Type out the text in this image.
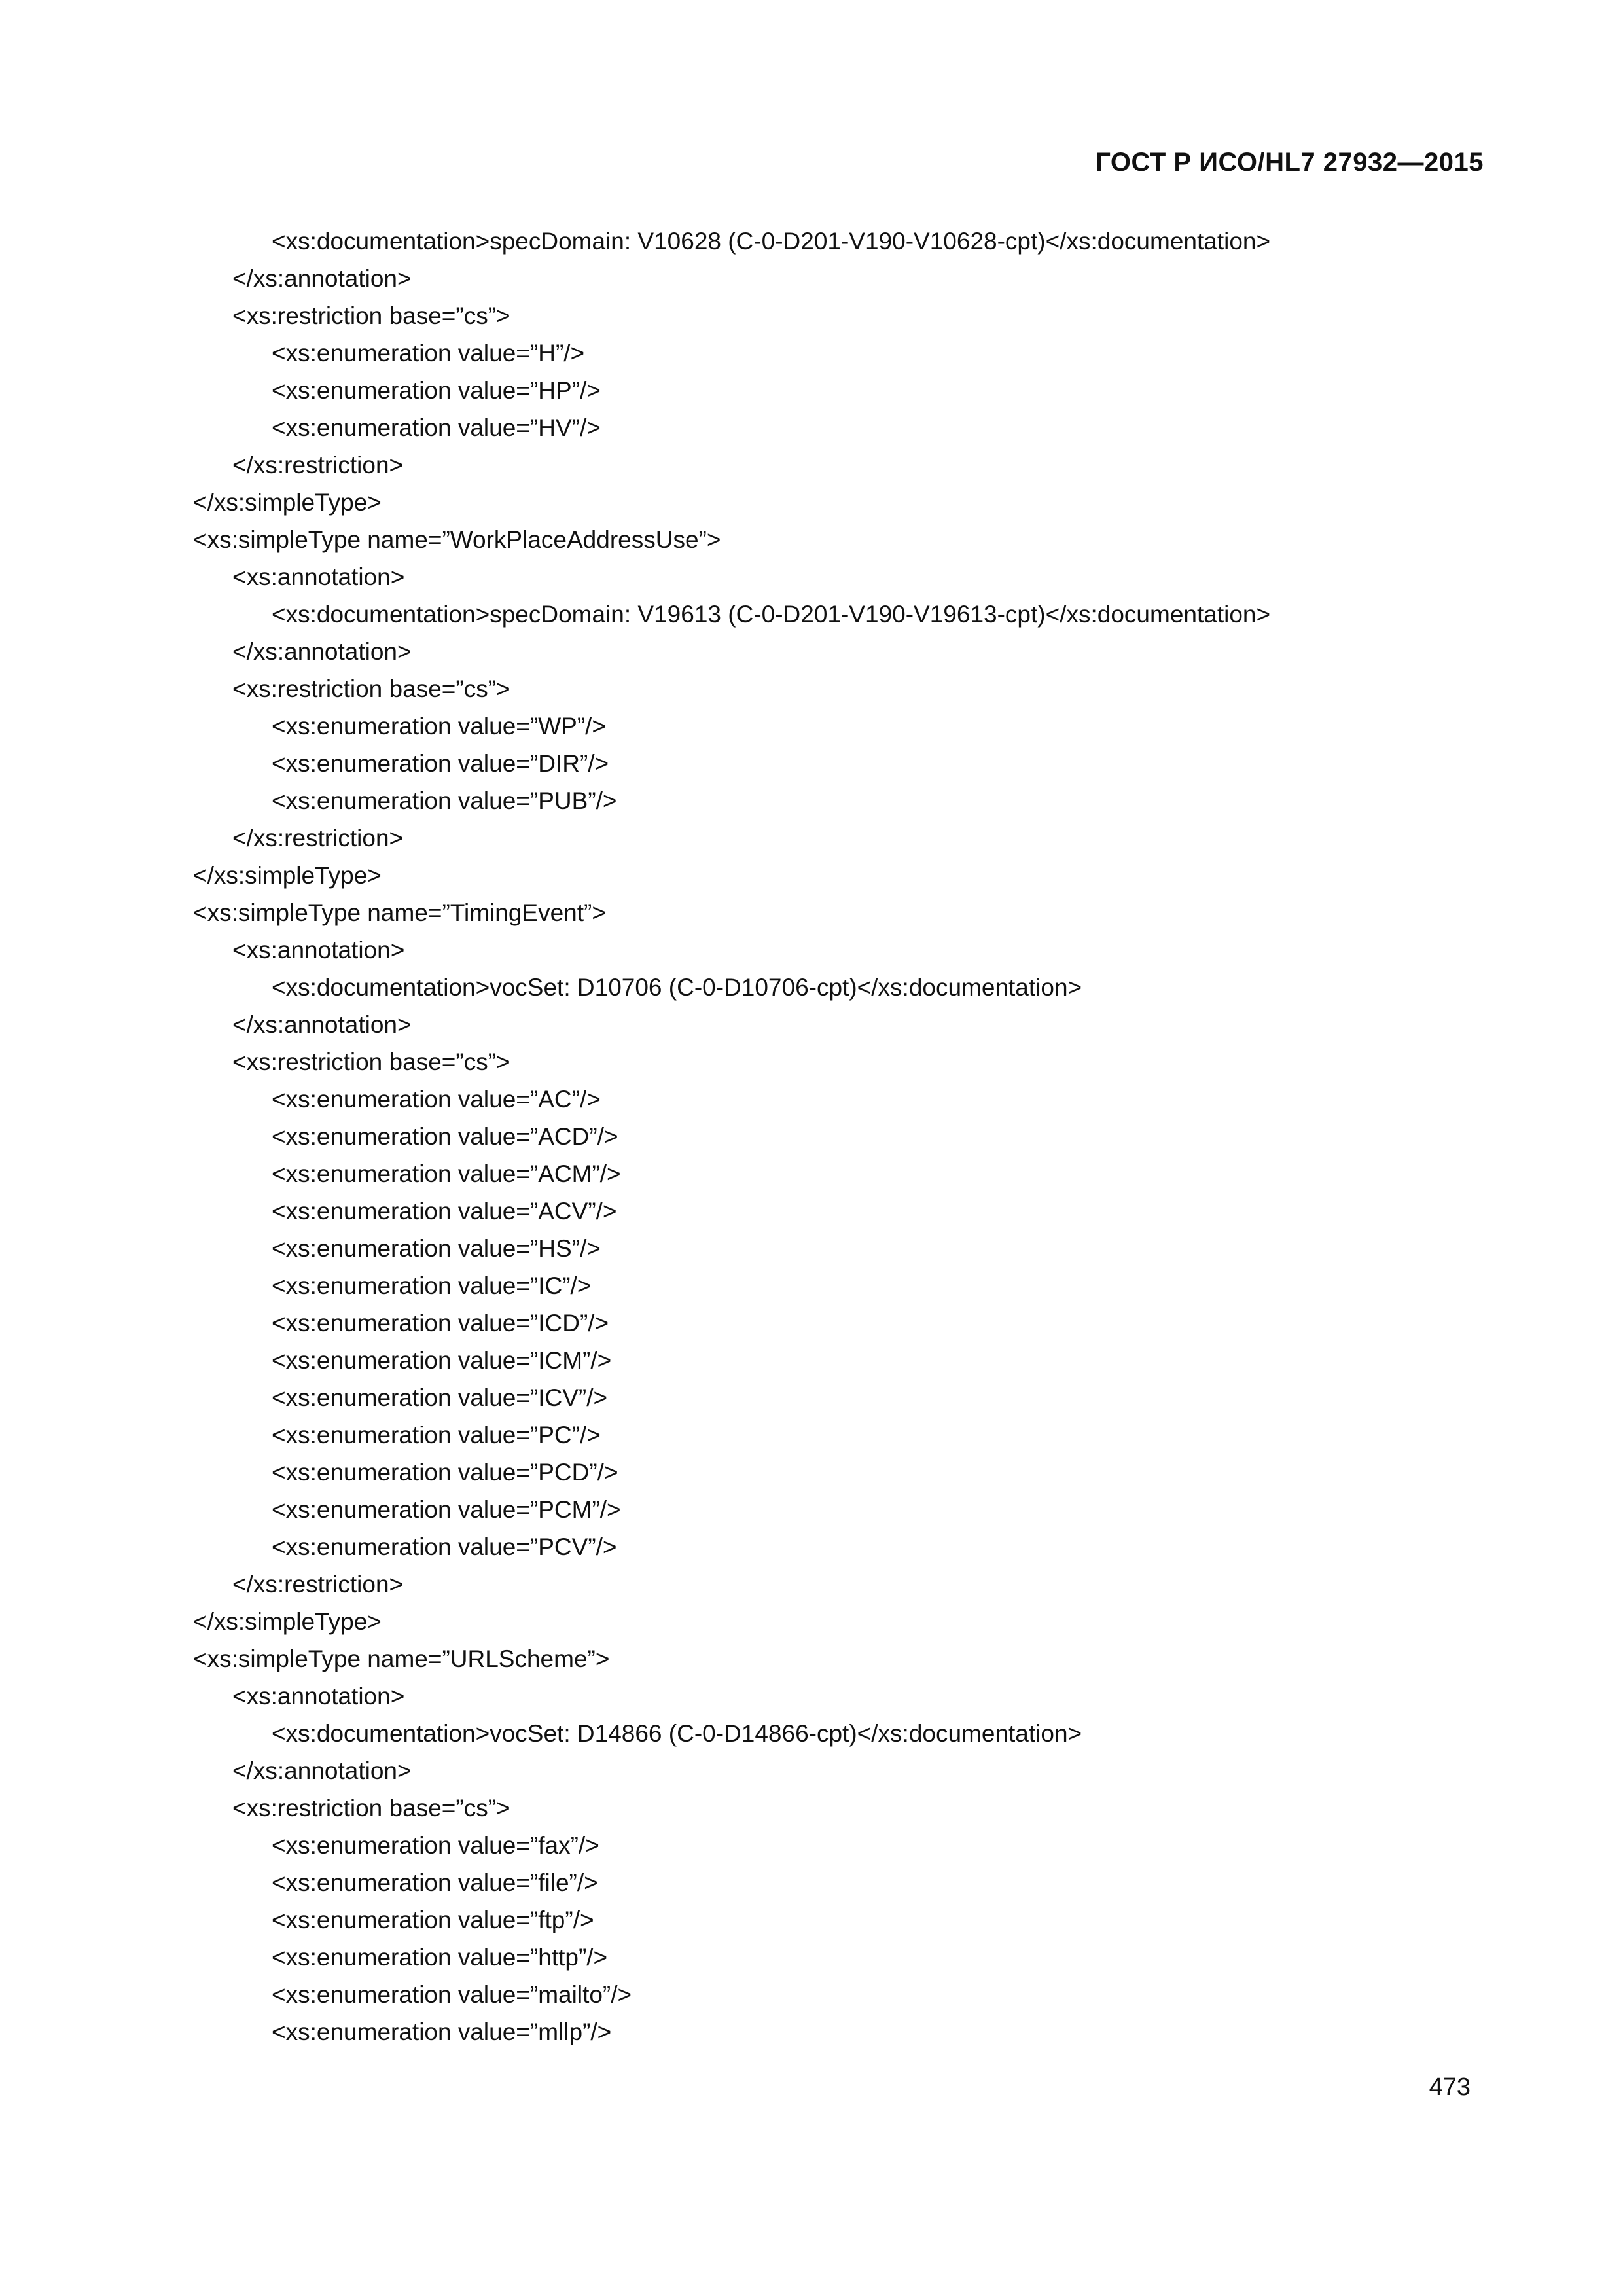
ГОСТ Р ИСО/HL7 27932—2015
<xs:documentation>specDomain: V10628 (C-0-D201-V190-V10628-cpt)</xs:documentation>
</xs:annotation>
<xs:restriction base=”cs”>
<xs:enumeration value=”H”/>
<xs:enumeration value=”HP”/>
<xs:enumeration value=”HV”/>
</xs:restriction>
</xs:simpleType>
<xs:simpleType name=”WorkPlaceAddressUse”>
<xs:annotation>
<xs:documentation>specDomain: V19613 (C-0-D201-V190-V19613-cpt)</xs:documentation>
</xs:annotation>
<xs:restriction base=”cs”>
<xs:enumeration value=”WP”/>
<xs:enumeration value=”DIR”/>
<xs:enumeration value=”PUB”/>
</xs:restriction>
</xs:simpleType>
<xs:simpleType name=”TimingEvent”>
<xs:annotation>
<xs:documentation>vocSet: D10706 (C-0-D10706-cpt)</xs:documentation>
</xs:annotation>
<xs:restriction base=”cs”>
<xs:enumeration value=”AC”/>
<xs:enumeration value=”ACD”/>
<xs:enumeration value=”ACM”/>
<xs:enumeration value=”ACV”/>
<xs:enumeration value=”HS”/>
<xs:enumeration value=”IC”/>
<xs:enumeration value=”ICD”/>
<xs:enumeration value=”ICM”/>
<xs:enumeration value=”ICV”/>
<xs:enumeration value=”PC”/>
<xs:enumeration value=”PCD”/>
<xs:enumeration value=”PCM”/>
<xs:enumeration value=”PCV”/>
</xs:restriction>
</xs:simpleType>
<xs:simpleType name=”URLScheme”>
<xs:annotation>
<xs:documentation>vocSet: D14866 (C-0-D14866-cpt)</xs:documentation>
</xs:annotation>
<xs:restriction base=”cs”>
<xs:enumeration value=”fax”/>
<xs:enumeration value=”file”/>
<xs:enumeration value=”ftp”/>
<xs:enumeration value=”http”/>
<xs:enumeration value=”mailto”/>
<xs:enumeration value=”mllp”/>
473
